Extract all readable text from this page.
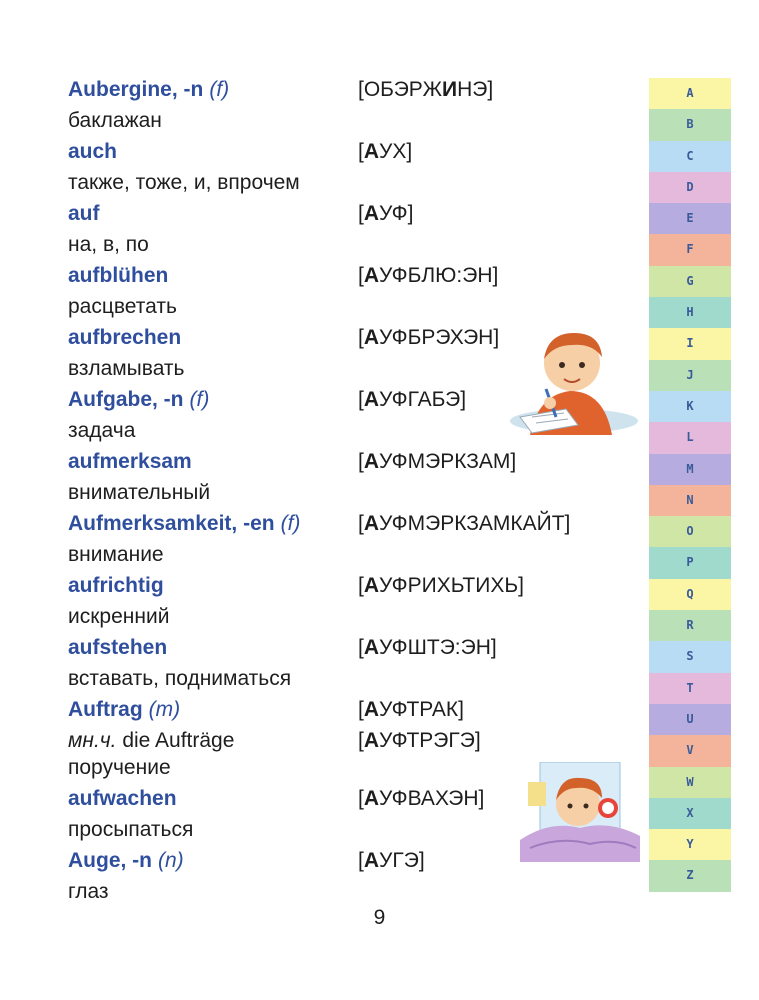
Aubergine, -n (f)	[ОБЭРЖИНЭ]
баклажан
auch	[АУХ]
также, тоже, и, впрочем
auf	[АУФ]
на, в, по
aufblühen	[АУФБЛЮ:ЭН]
расцветать
aufbrechen	[АУФБРЭХЭН]
взламывать
Aufgabe, -n (f)	[АУФГАБЭ]
задача
aufmerksam	[АУФМЭРКЗАМ]
внимательный
Aufmerksamkeit, -en (f)	[АУФМЭРКЗАМКАЙТ]
внимание
aufrichtig	[АУФРИХЬТИХЬ]
искренний
aufstehen	[АУФШТЭ:ЭН]
вставать, подниматься
Auftrag (m)	[АУФТРАК]
мн.ч. die Aufträge	[АУФТРЭГЭ]
поручение
aufwachen	[АУФВАХЭН]
просыпаться
Auge, -n (n)	[АУГЭ]
глаз
A
B
C
D
E
F
G
H
I
J
K
L
M
N
O
P
Q
R
S
T
U
V
W
X
Y
Z
9
